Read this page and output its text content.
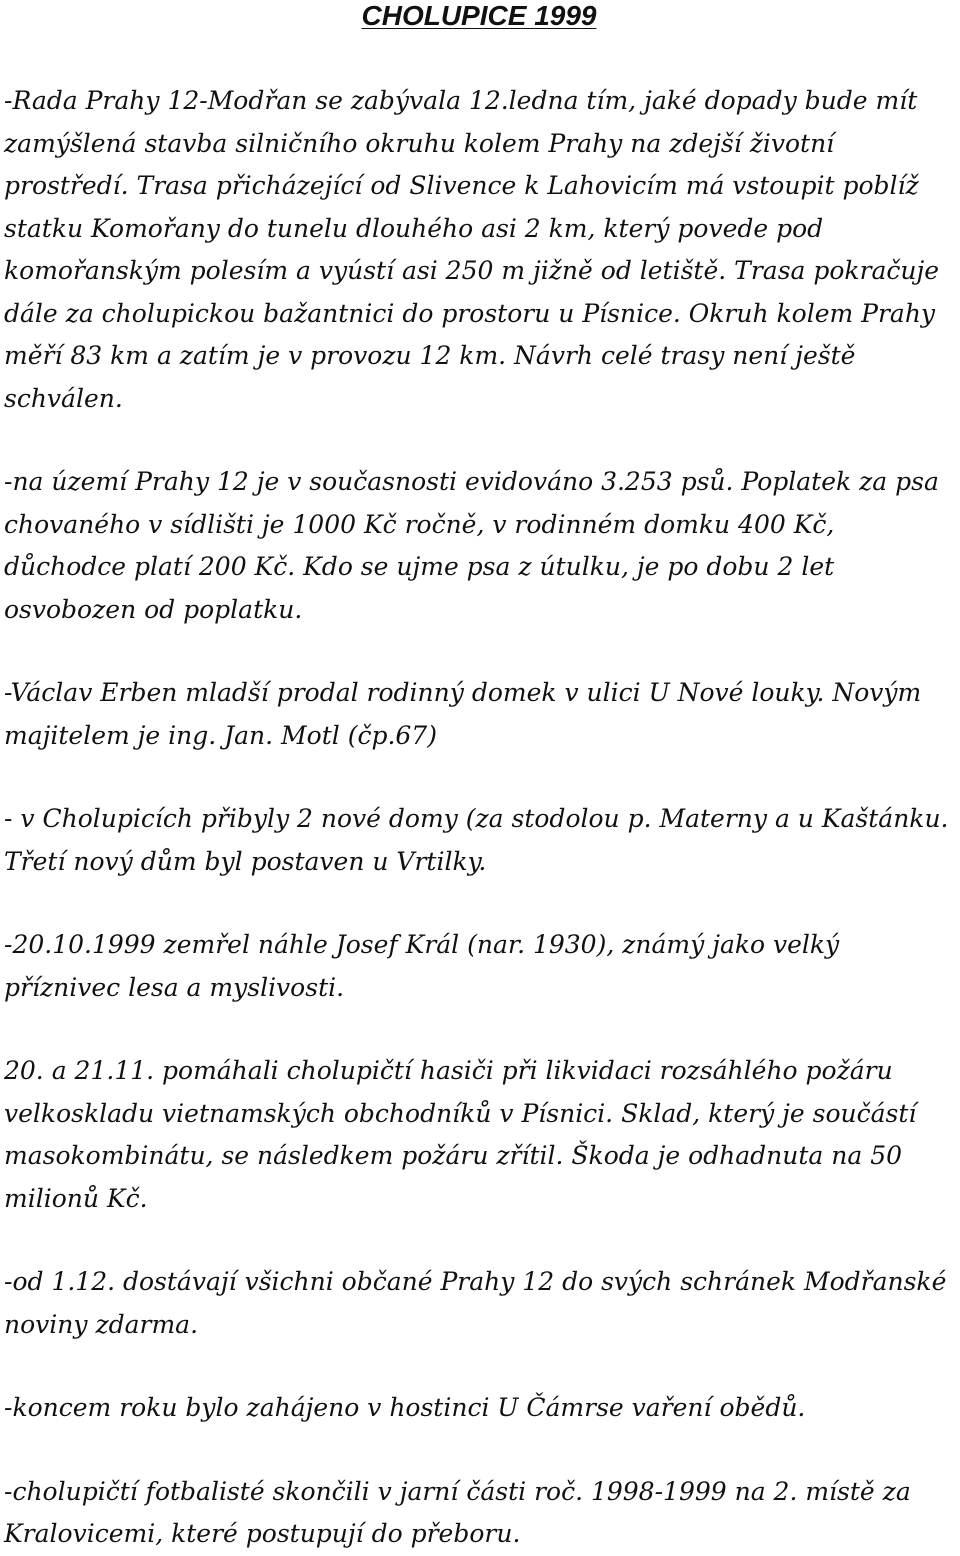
CHOLUPICE 1999

-Rada Prahy 12-Modřan se zabývala 12.ledna tím, jaké dopady bude mít zamýšlená stavba silničního okruhu kolem Prahy na zdejší životní prostředí. Trasa přicházející od Slivence k Lahovicím má vstoupit poblíž statku Komořany do tunelu dlouhého asi 2 km, který povede pod komořanským polesím a vyústí asi 250 m jižně od letiště. Trasa pokračuje dále za cholupickou bažantnici do prostoru u Písnice. Okruh kolem Prahy měří 83 km a zatím je v provozu 12 km. Návrh celé trasy není ještě schválen.

-na území Prahy 12 je v současnosti evidováno 3.253 psů. Poplatek za psa chovaného v sídlišti je 1000 Kč ročně, v rodinném domku 400 Kč, důchodce platí 200 Kč. Kdo se ujme psa z útulku, je po dobu 2 let osvobozen od poplatku.

-Václav Erben mladší prodal rodinný domek v ulici U Nové louky. Novým majitelem je ing. Jan. Motl (čp.67)

- v Cholupicích přibyly 2 nové domy (za stodolou p. Materny a u Kaštánku. Třetí nový dům byl postaven u Vrtilky.

-20.10.1999 zemřel náhle Josef Král (nar. 1930), známý jako velký příznivec lesa a myslivosti.

20. a 21.11. pomáhali cholupičtí hasiči při likvidaci rozsáhlého požáru velkoskladu vietnamských obchodníků v Písnici. Sklad, který je součástí masokombinátu, se následkem požáru zřítil. Škoda je odhadnuta na 50 milionů Kč.

-od 1.12. dostávají všichni občané Prahy 12 do svých schránek Modřanské noviny zdarma.

-koncem roku bylo zahájeno v hostinci U Čámrse vaření obědů.

-cholupičtí fotbalisté skončili v jarní části roč. 1998-1999 na 2. místě za Kralovicemi, které postupují do přeboru.
